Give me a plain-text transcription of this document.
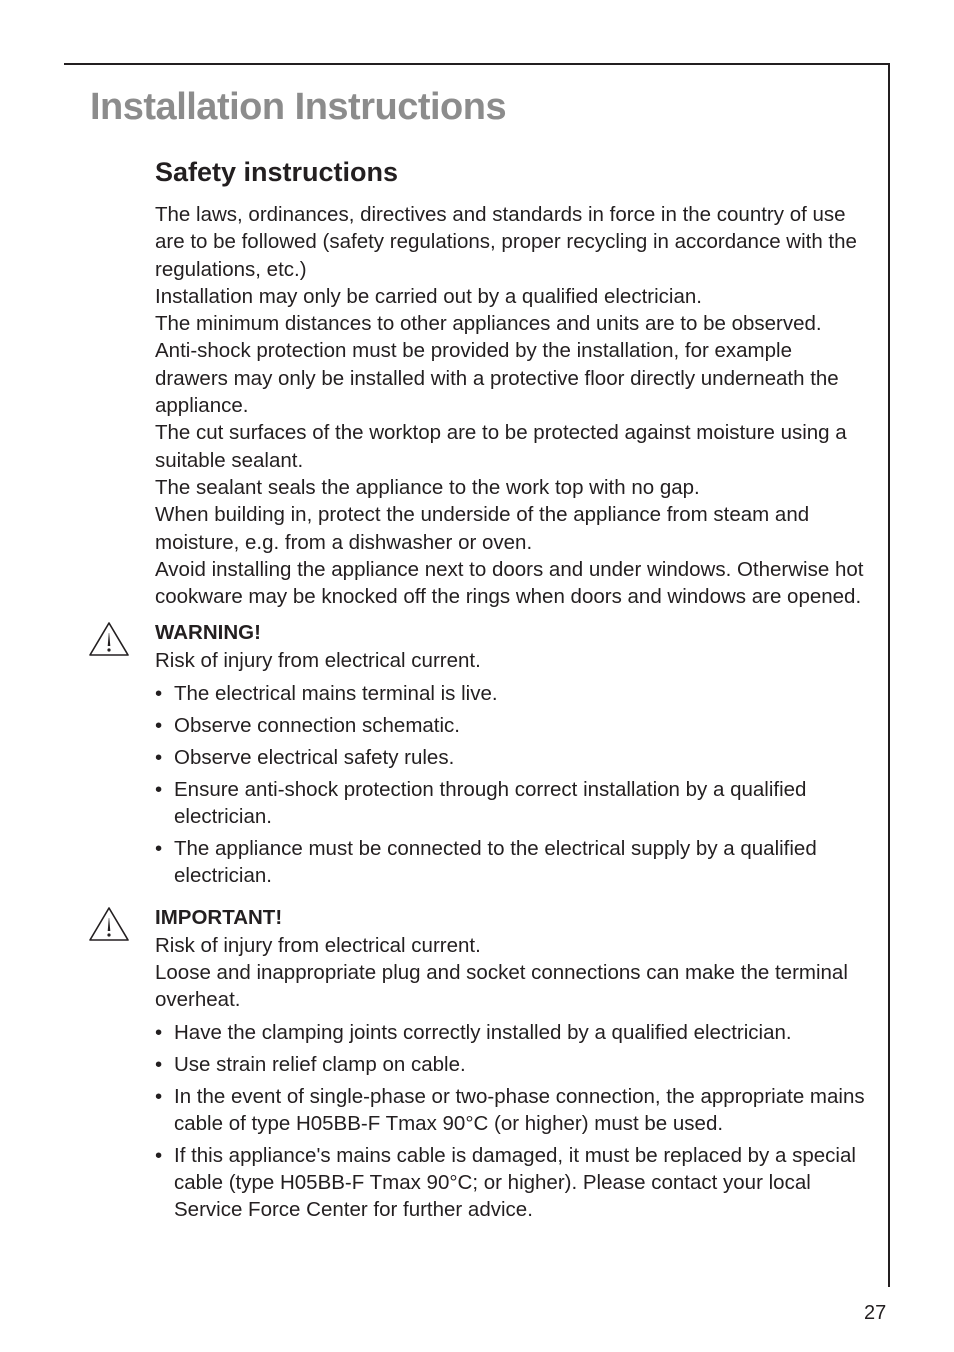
Installation Instructions
Safety instructions

The laws, ordinances, directives and standards in force in the country of use are to be followed (safety regulations, proper recycling in accordance with the regulations, etc.)

Installation may only be carried out by a qualified electrician.

The minimum distances to other appliances and units are to be observed.

Anti-shock protection must be provided by the installation, for example drawers may only be installed with a protective floor directly underneath the appliance.

The cut surfaces of the worktop are to be protected against moisture using a suitable sealant.

The sealant seals the appliance to the work top with no gap.

When building in, protect the underside of the appliance from steam and moisture, e.g. from a dishwasher or oven.

Avoid installing the appliance next to doors and under windows. Otherwise hot cookware may be knocked off the rings when doors and windows are opened.

WARNING!

Risk of injury from electrical current.

• The electrical mains terminal is live.
• Observe connection schematic.
• Observe electrical safety rules.
• Ensure anti-shock protection through correct installation by a qualified electrician.
• The appliance must be connected to the electrical supply by a qualified electrician.

IMPORTANT!

Risk of injury from electrical current.

Loose and inappropriate plug and socket connections can make the terminal overheat.

• Have the clamping joints correctly installed by a qualified electrician.
• Use strain relief clamp on cable.
• In the event of single-phase or two-phase connection, the appropriate mains cable of type H05BB-F Tmax 90°C (or higher) must be used.
• If this appliance's mains cable is damaged, it must be replaced by a special cable (type H05BB-F Tmax 90°C; or higher). Please contact your local Service Force Center for further advice.
27
